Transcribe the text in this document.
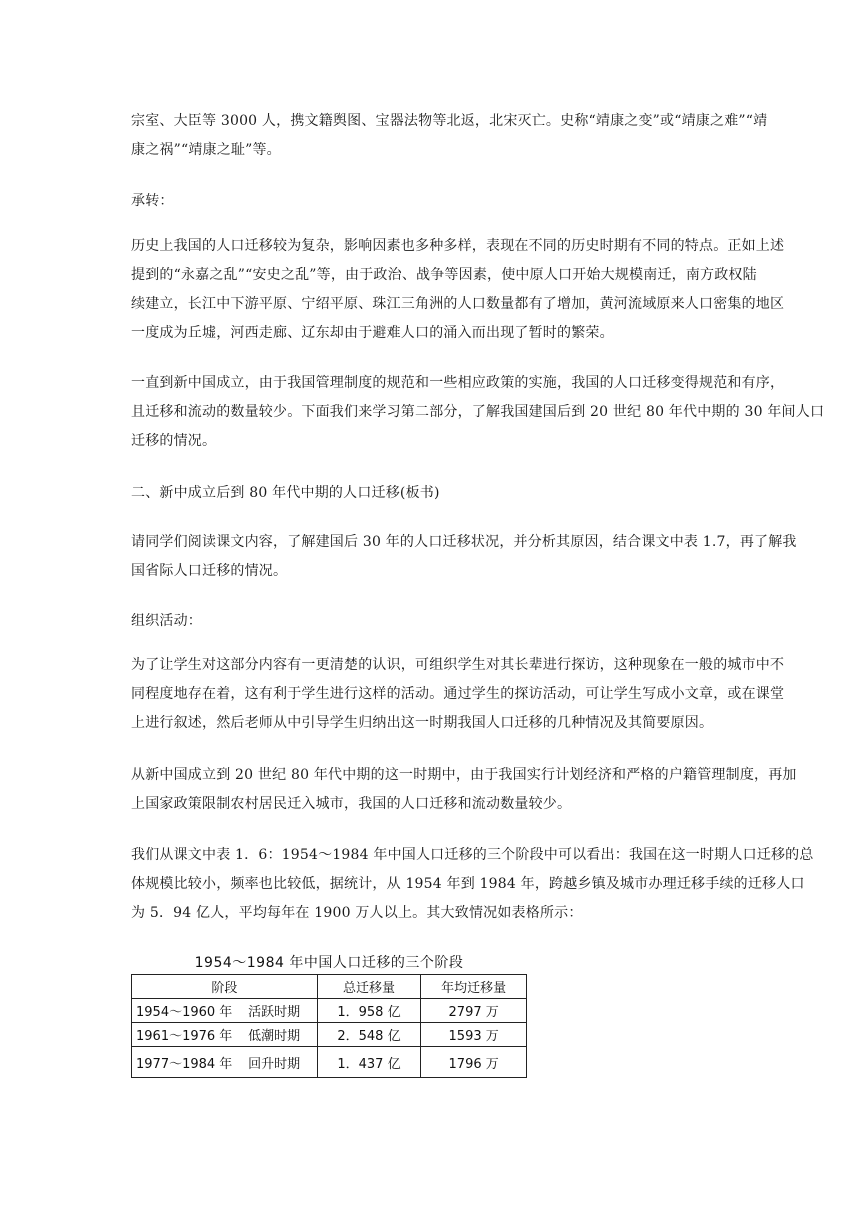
宗室、大臣等 3000 人，携文籍舆图、宝器法物等北返，北宋灭亡。史称“靖康之变”或“靖康之难”“靖
康之祸”“靖康之耻”等。
承转：
历史上我国的人口迁移较为复杂，影响因素也多种多样，表现在不同的历史时期有不同的特点。正如上述
提到的“永嘉之乱”“安史之乱”等，由于政治、战争等因素，使中原人口开始大规模南迁，南方政权陆
续建立，长江中下游平原、宁绍平原、珠江三角洲的人口数量都有了增加，黄河流域原来人口密集的地区
一度成为丘墟，河西走廊、辽东却由于避难人口的涌入而出现了暂时的繁荣。
一直到新中国成立，由于我国管理制度的规范和一些相应政策的实施，我国的人口迁移变得规范和有序，
且迁移和流动的数量较少。下面我们来学习第二部分，了解我国建国后到 20 世纪 80 年代中期的 30 年间人口
迁移的情况。
二、新中成立后到 80 年代中期的人口迁移(板书)
请同学们阅读课文内容，了解建国后 30 年的人口迁移状况，并分析其原因，结合课文中表 1.7，再了解我
国省际人口迁移的情况。
组织活动：
为了让学生对这部分内容有一更清楚的认识，可组织学生对其长辈进行探访，这种现象在一般的城市中不
同程度地存在着，这有利于学生进行这样的活动。通过学生的探访活动，可让学生写成小文章，或在课堂
上进行叙述，然后老师从中引导学生归纳出这一时期我国人口迁移的几种情况及其简要原因。
从新中国成立到 20 世纪 80 年代中期的这一时期中，由于我国实行计划经济和严格的户籍管理制度，再加
上国家政策限制农村居民迁入城市，我国的人口迁移和流动数量较少。
我们从课文中表 1．6：1954～1984 年中国人口迁移的三个阶段中可以看出：我国在这一时期人口迁移的总
体规模比较小，频率也比较低，据统计，从 1954 年到 1984 年，跨越乡镇及城市办理迁移手续的迁移人口
为 5．94 亿人，平均每年在 1900 万人以上。其大致情况如表格所示：
1954～1984 年中国人口迁移的三个阶段
阶段	总迁移量	年均迁移量
1954～1960 年 活跃时期	1．958 亿	2797 万
1961～1976 年 低潮时期	2．548 亿	1593 万
1977～1984 年 回升时期	1．437 亿	1796 万
